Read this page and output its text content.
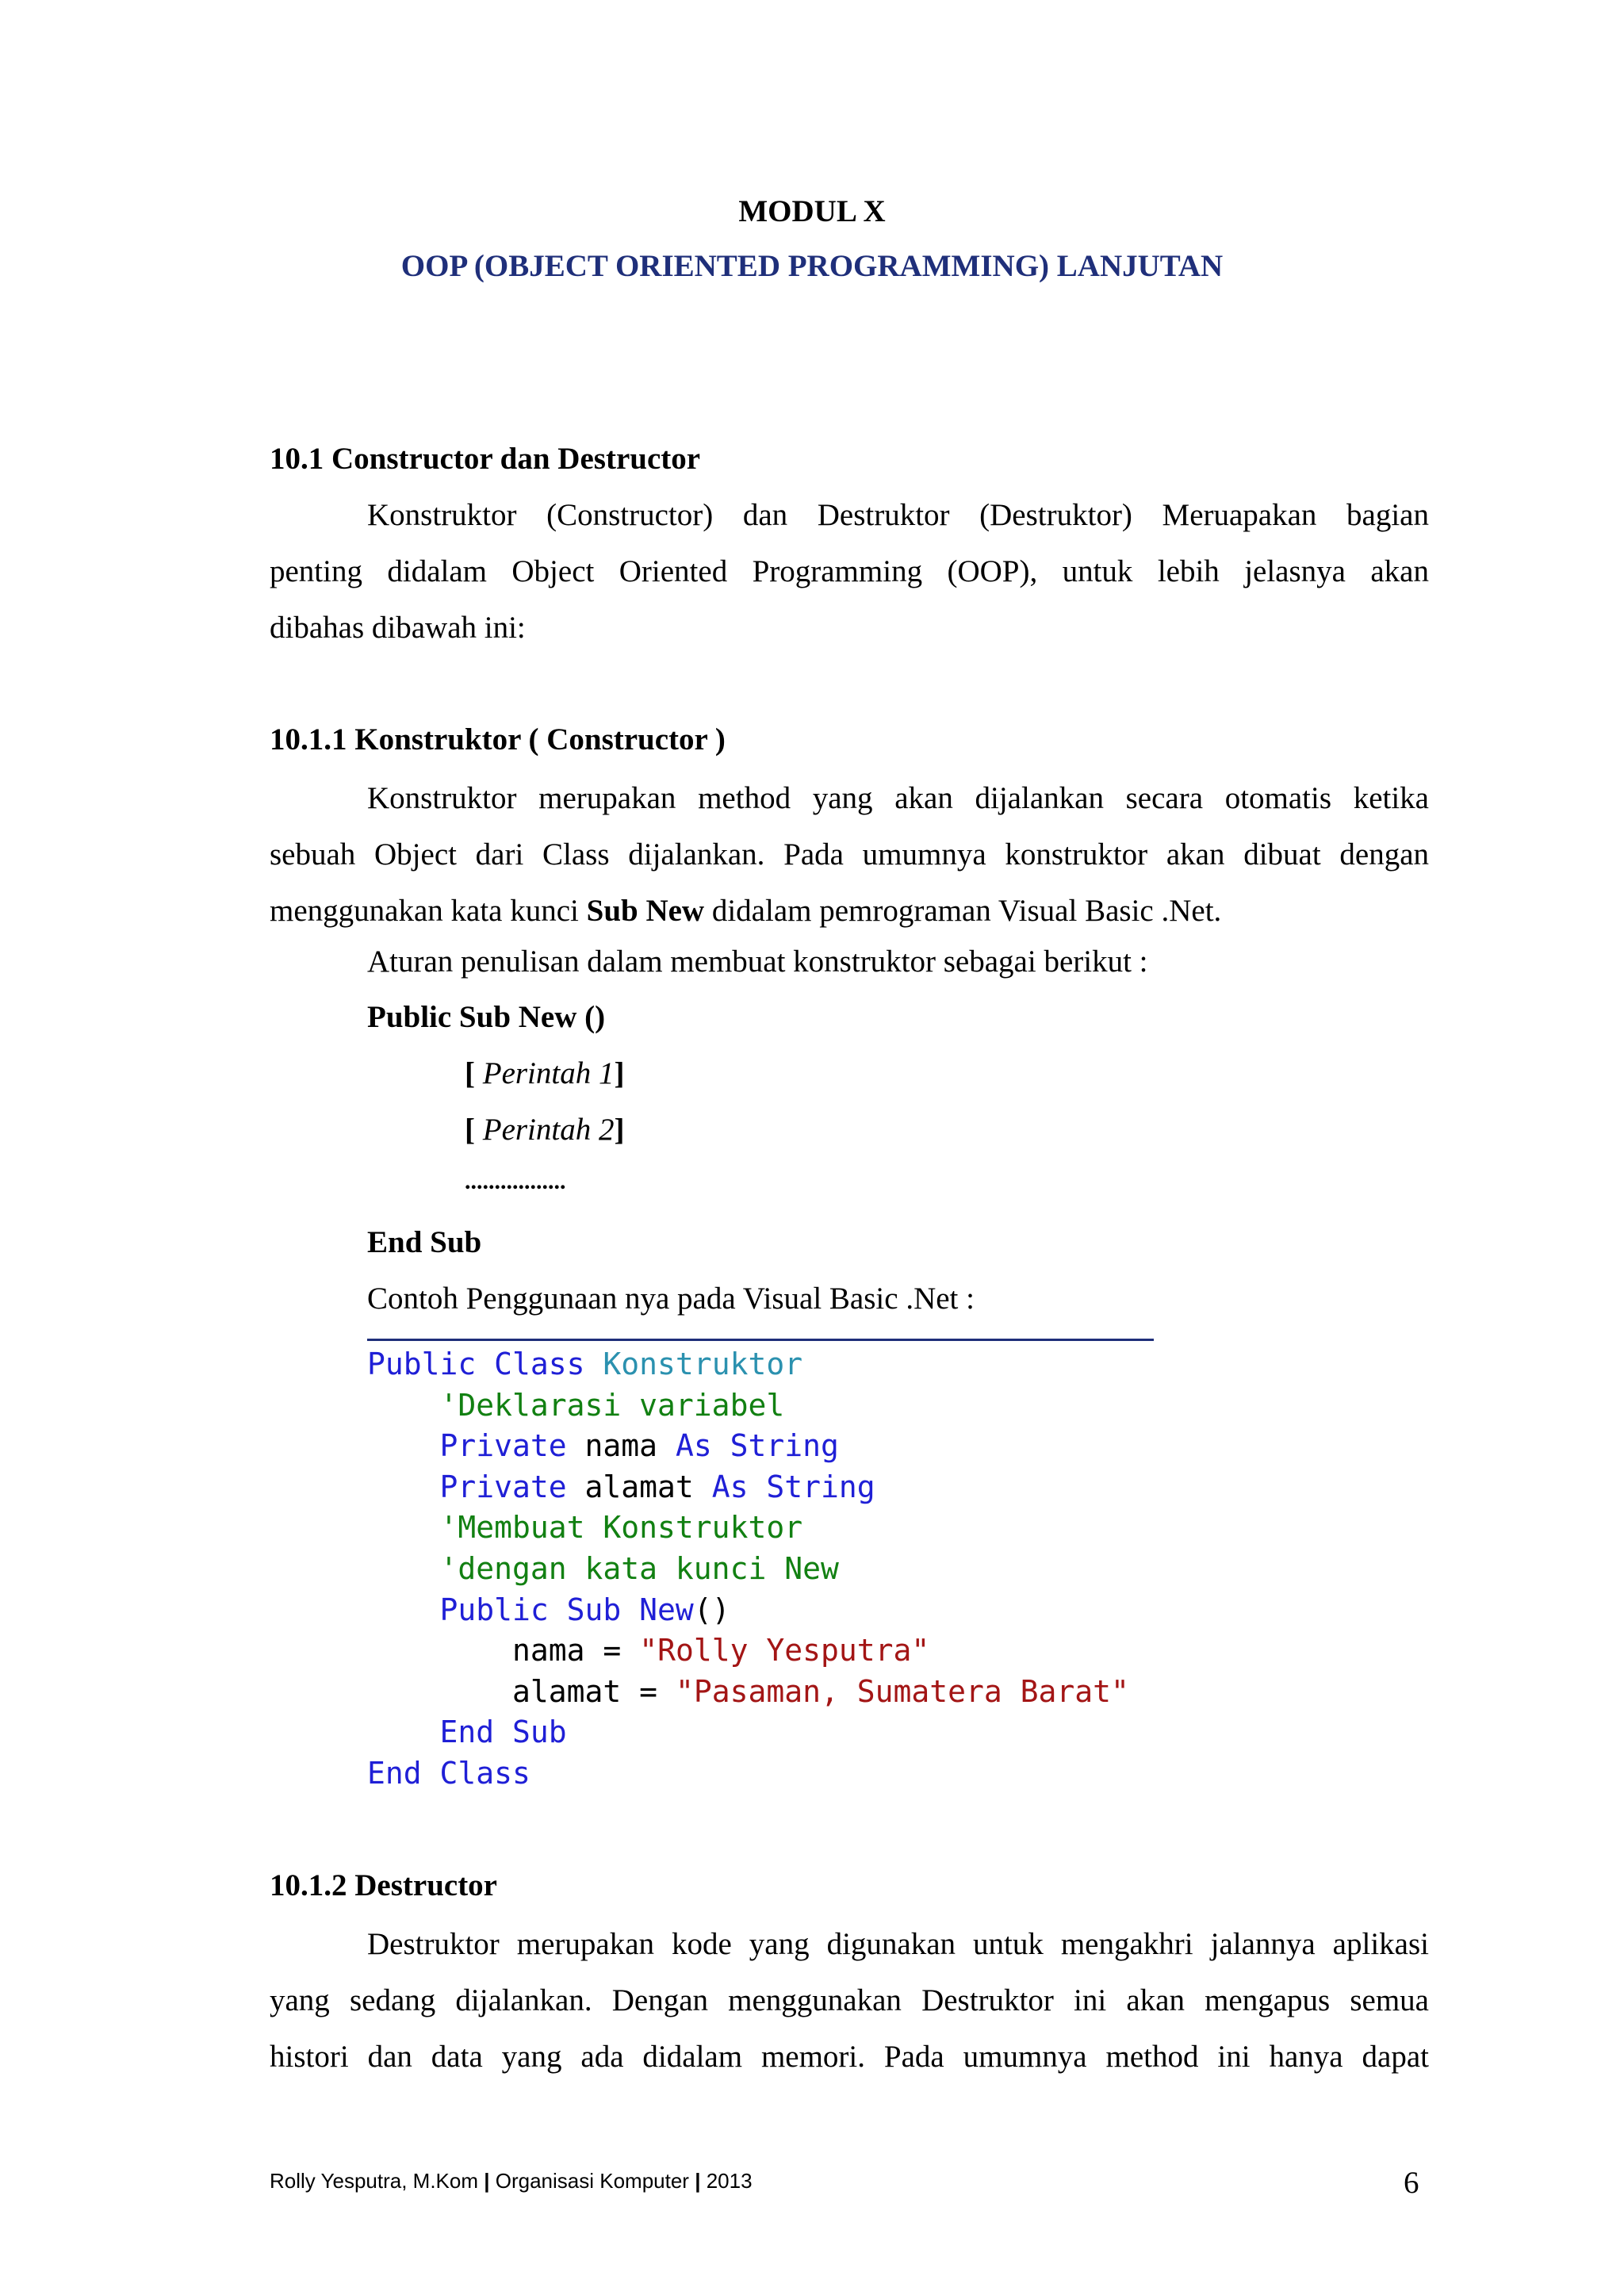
MODUL X
OOP (OBJECT ORIENTED PROGRAMMING) LANJUTAN
10.1 Constructor dan Destructor
Konstruktor (Constructor) dan Destruktor (Destruktor) Meruapakan bagian
penting didalam Object Oriented Programming (OOP), untuk lebih jelasnya akan
dibahas dibawah ini:
10.1.1 Konstruktor ( Constructor )
Konstruktor merupakan method yang akan dijalankan secara otomatis ketika
sebuah Object dari Class dijalankan. Pada umumnya konstruktor akan dibuat dengan
menggunakan kata kunci Sub New didalam pemrograman Visual Basic .Net.
Aturan penulisan dalam membuat konstruktor sebagai berikut :
Public Sub New ()
[ Perintah 1]
[ Perintah 2]
.................
End Sub
Contoh Penggunaan nya pada Visual Basic .Net :
Public Class Konstruktor
'Deklarasi variabel
Private nama As String
Private alamat As String
'Membuat Konstruktor
'dengan kata kunci New
Public Sub New()
nama = "Rolly Yesputra"
alamat = "Pasaman, Sumatera Barat"
End Sub
End Class
10.1.2 Destructor
Destruktor merupakan kode yang digunakan untuk mengakhri jalannya aplikasi
yang sedang dijalankan. Dengan menggunakan Destruktor ini akan mengapus semua
histori dan data yang ada didalam memori. Pada umumnya method ini hanya dapat
Rolly Yesputra, M.Kom | Organisasi Komputer | 2013	6
